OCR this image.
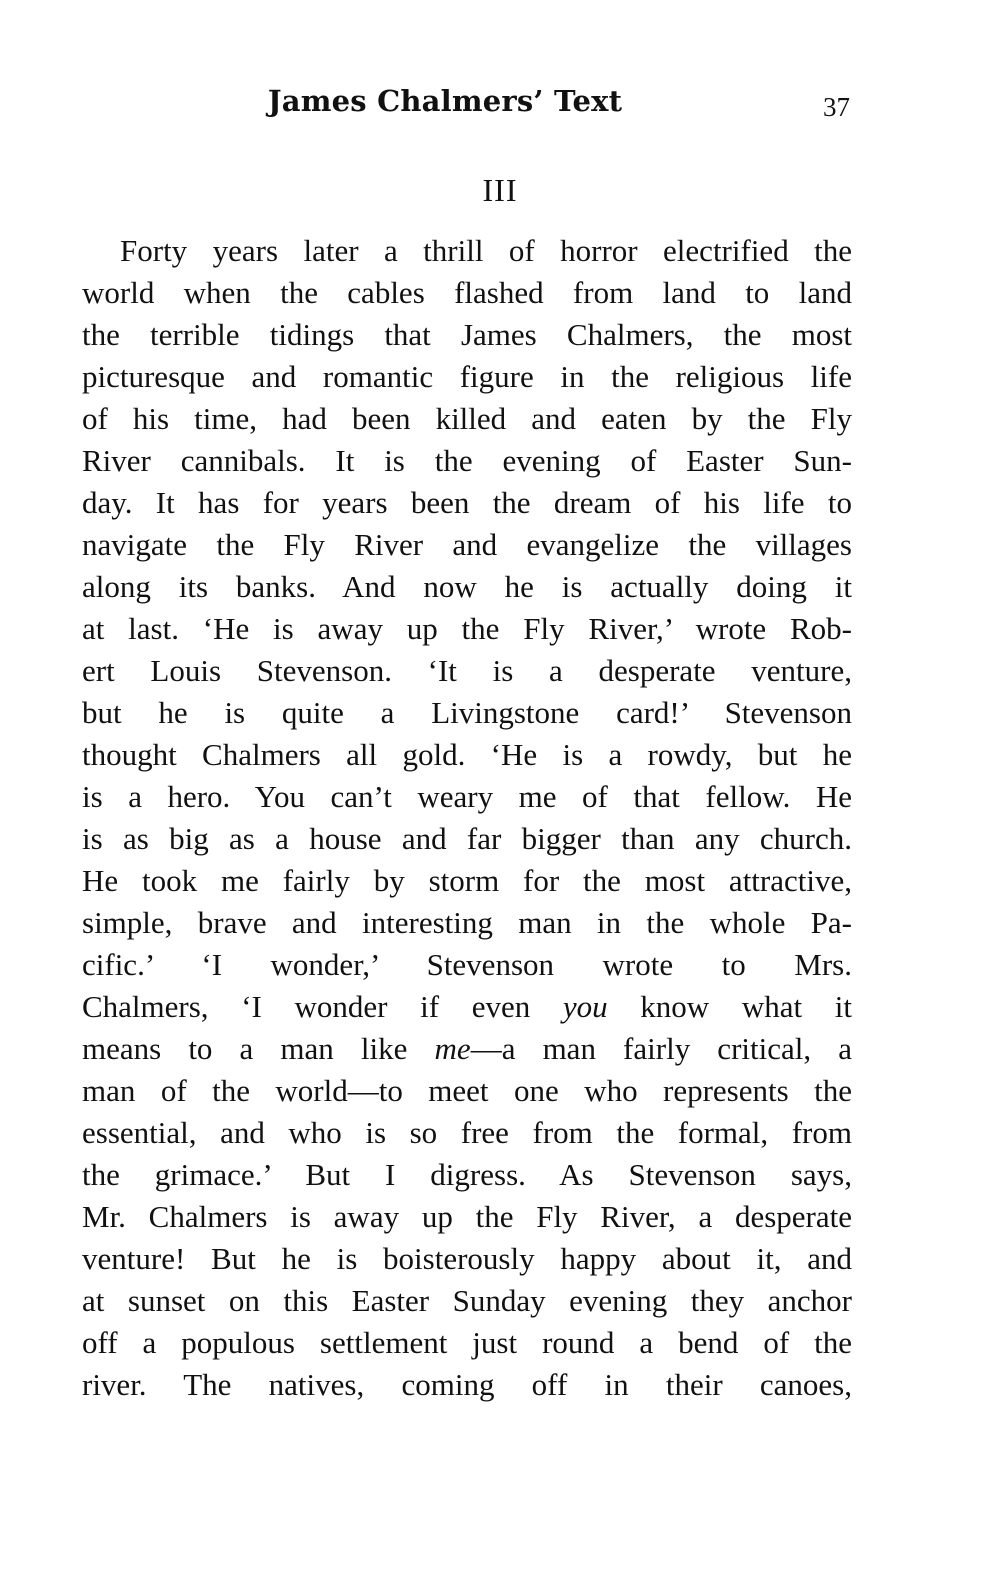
James Chalmers’ Text	37
III
Forty years later a thrill of horror electrified the
world when the cables flashed from land to land
the terrible tidings that James Chalmers, the most
picturesque and romantic figure in the religious life
of his time, had been killed and eaten by the Fly
River cannibals. It is the evening of Easter Sun-
day. It has for years been the dream of his life to
navigate the Fly River and evangelize the villages
along its banks. And now he is actually doing it
at last. ‘He is away up the Fly River,’ wrote Rob-
ert Louis Stevenson. ‘It is a desperate venture,
but he is quite a Livingstone card!’ Stevenson
thought Chalmers all gold. ‘He is a rowdy, but he
is a hero. You can’t weary me of that fellow. He
is as big as a house and far bigger than any church.
He took me fairly by storm for the most attractive,
simple, brave and interesting man in the whole Pa-
cific.’ ‘I wonder,’ Stevenson wrote to Mrs.
Chalmers, ‘I wonder if even you know what it
means to a man like me—a man fairly critical, a
man of the world—to meet one who represents the
essential, and who is so free from the formal, from
the grimace.’ But I digress. As Stevenson says,
Mr. Chalmers is away up the Fly River, a desperate
venture! But he is boisterously happy about it, and
at sunset on this Easter Sunday evening they anchor
off a populous settlement just round a bend of the
river. The natives, coming off in their canoes,
